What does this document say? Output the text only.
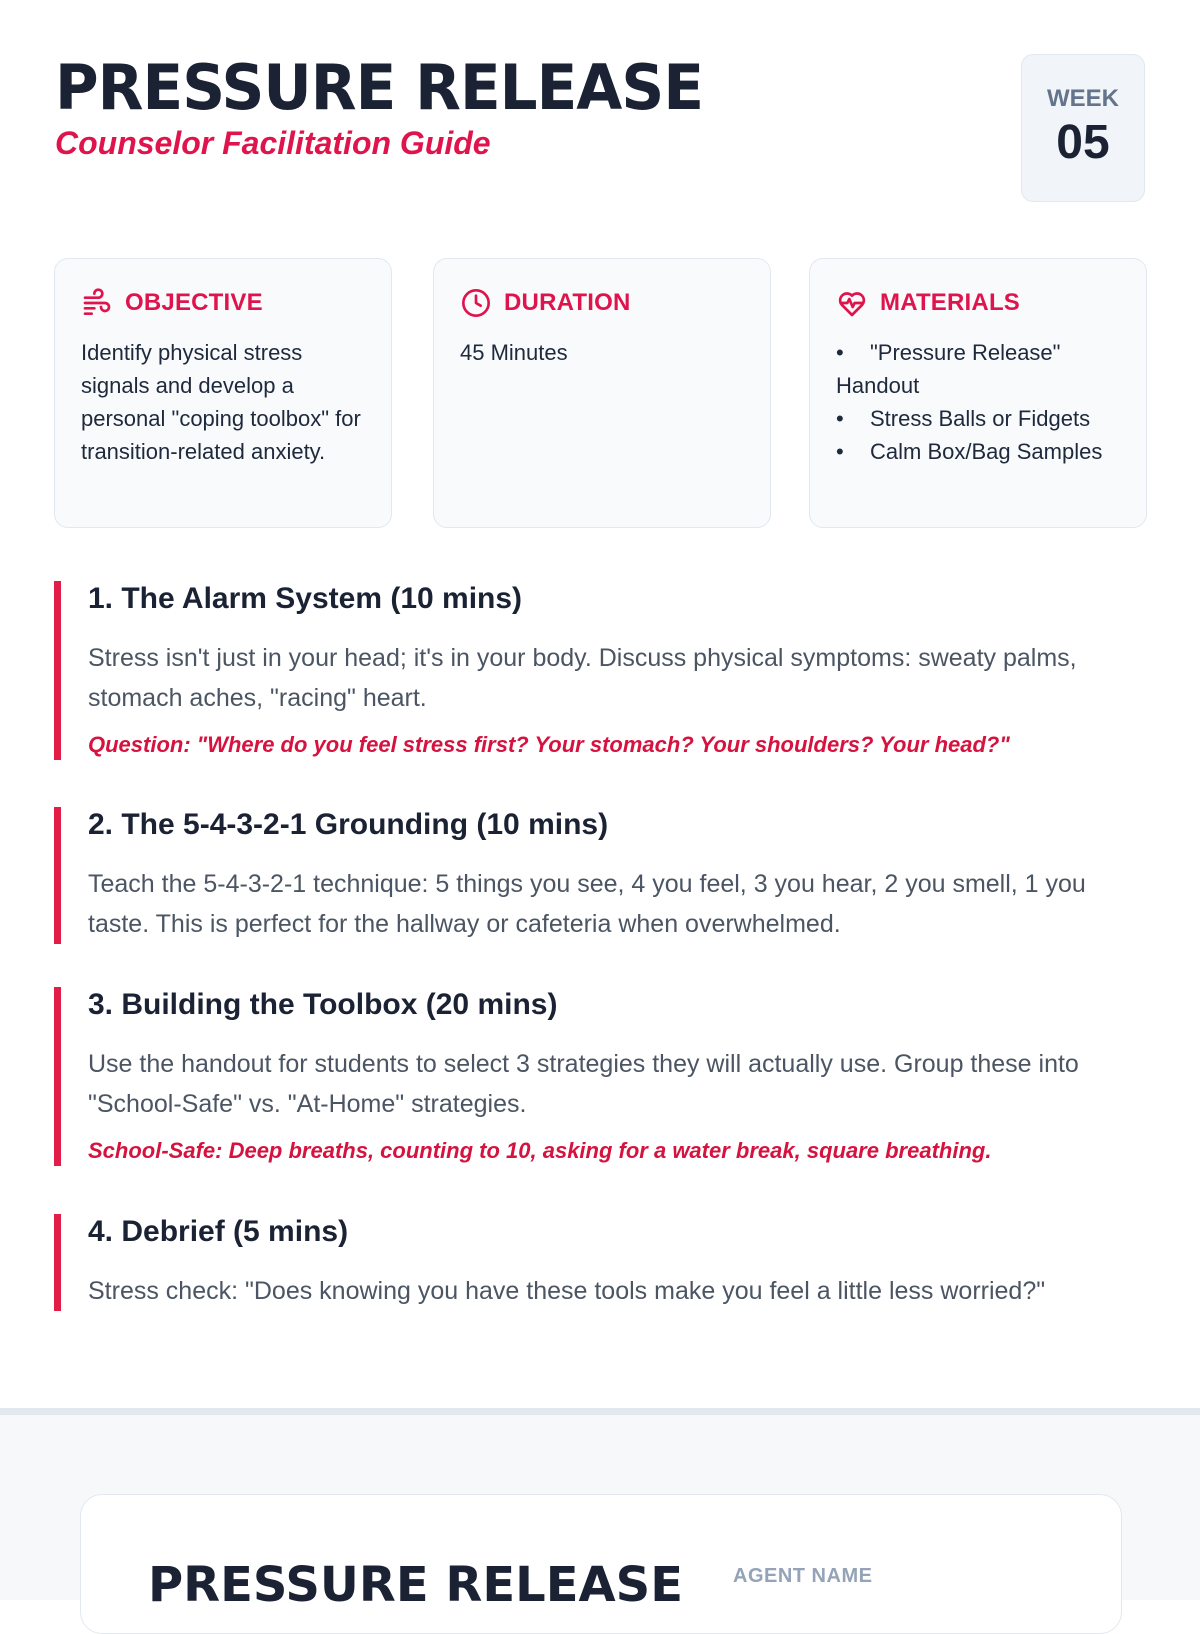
PRESSURE RELEASE
Counselor Facilitation Guide
WEEK
05
OBJECTIVE
Identify physical stress signals and develop a personal "coping toolbox" for transition-related anxiety.
DURATION
45 Minutes
MATERIALS
• "Pressure Release" Handout
• Stress Balls or Fidgets
• Calm Box/Bag Samples
1. The Alarm System (10 mins)

Stress isn't just in your head; it's in your body. Discuss physical symptoms: sweaty palms, stomach aches, "racing" heart.

Question: "Where do you feel stress first? Your stomach? Your shoulders? Your head?"

2. The 5-4-3-2-1 Grounding (10 mins)

Teach the 5-4-3-2-1 technique: 5 things you see, 4 you feel, 3 you hear, 2 you smell, 1 you taste. This is perfect for the hallway or cafeteria when overwhelmed.

3. Building the Toolbox (20 mins)

Use the handout for students to select 3 strategies they will actually use. Group these into "School-Safe" vs. "At-Home" strategies.

School-Safe: Deep breaths, counting to 10, asking for a water break, square breathing.

4. Debrief (5 mins)

Stress check: "Does knowing you have these tools make you feel a little less worried?"

PRESSURE RELEASE	AGENT NAME
